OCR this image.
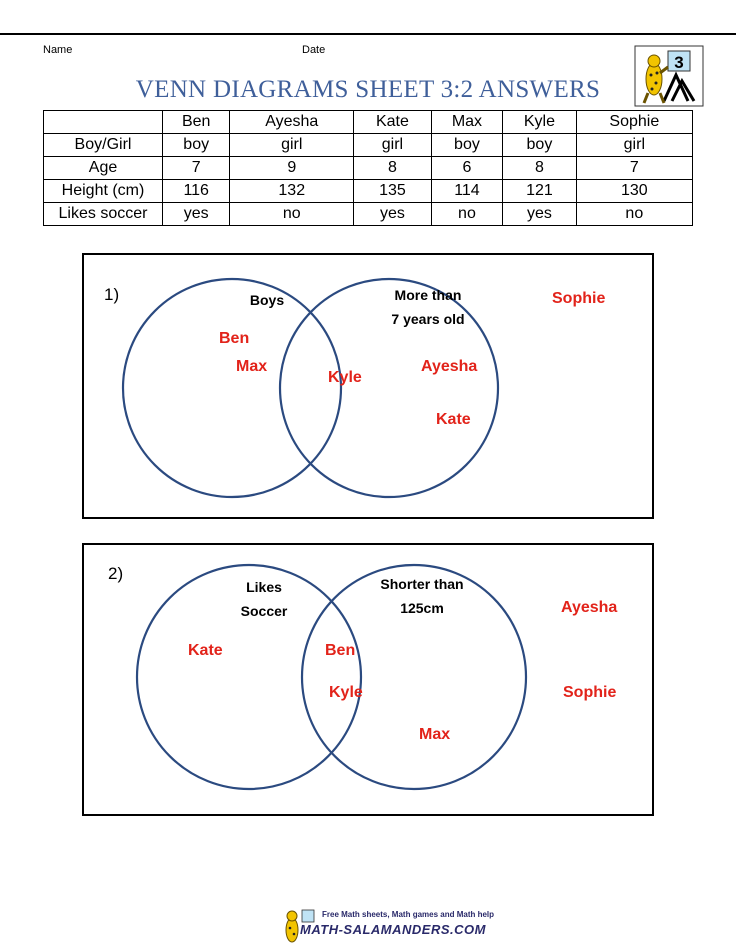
Name	Date
VENN DIAGRAMS SHEET 3:2 ANSWERS
3
	Ben	Ayesha	Kate	Max	Kyle	Sophie
Boy/Girl	boy	girl	girl	boy	boy	girl
Age	7	9	8	6	8	7
Height (cm)	116	132	135	114	121	130
Likes soccer	yes	no	yes	no	yes	no
1)	Boys	More than
7 years old
Ben
Max
Kyle
Ayesha
Kate
Sophie
2)
Likes
Soccer
Shorter than
125cm
Kate	Ben
Kyle
Max
Ayesha
Sophie
Free Math sheets, Math games and Math help
MATH-SALAMANDERS.COM
